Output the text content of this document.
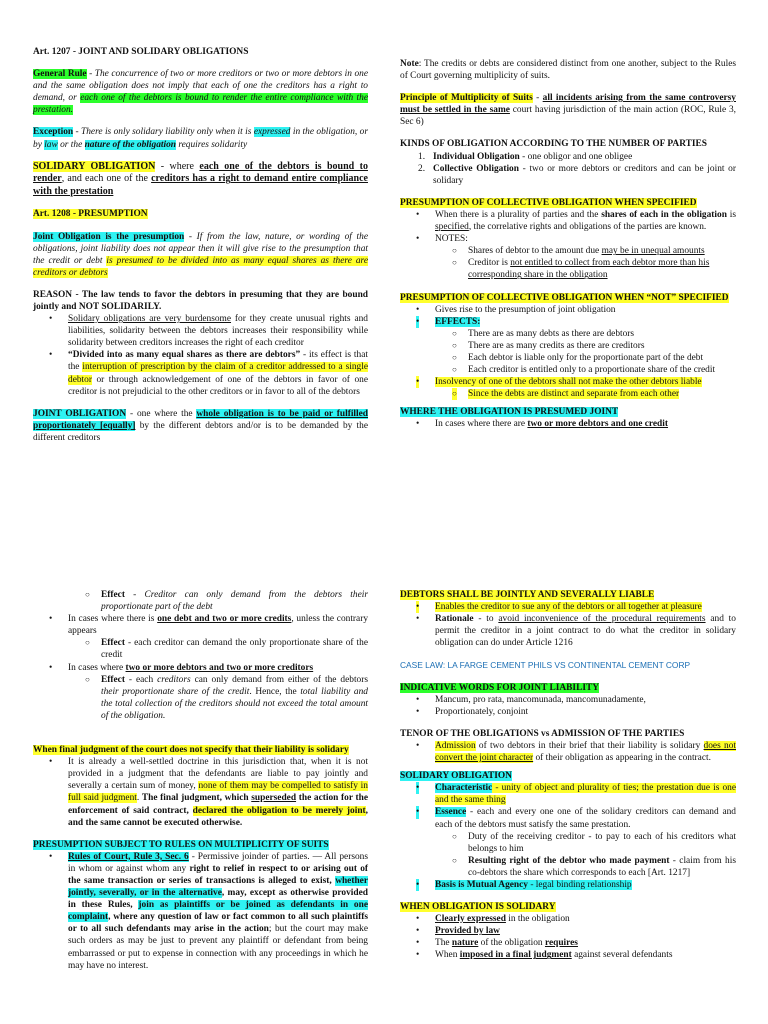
Art. 1207 - JOINT AND SOLIDARY OBLIGATIONS

General Rule - The concurrence of two or more creditors or two or more debtors in one and the same obligation does not imply that each of one the creditors has a right to demand, or each one of the debtors is bound to render the entire compliance with the prestation.

Exception - There is only solidary liability only when it is expressed in the obligation, or by law or the nature of the obligation requires solidarity

SOLIDARY OBLIGATION - where each one of the debtors is bound to render, and each one of the creditors has a right to demand entire compliance with the prestation

Art. 1208 - PRESUMPTION

Joint Obligation is the presumption - If from the law, nature, or wording of the obligations, joint liability does not appear then it will give rise to the presumption that the credit or debt is presumed to be divided into as many equal shares as there are creditors or debtors

REASON - The law tends to favor the debtors in presuming that they are bound jointly and NOT SOLIDARILY.

• Solidary obligations are very burdensome for they create unusual rights and liabilities, solidarity between the debtors increases their responsibility while solidarity between creditors increases the right of each creditor
• “Divided into as many equal shares as there are debtors” - its effect is that the interruption of prescription by the claim of a creditor addressed to a single debtor or through acknowledgement of one of the debtors in favor of one creditor is not prejudicial to the other creditors or in favor to all of the debtors

JOINT OBLIGATION - one where the whole obligation is to be paid or fulfilled proportionately [equally] by the different debtors and/or is to be demanded by the different creditors

Note: The credits or debts are considered distinct from one another, subject to the Rules of Court governing multiplicity of suits.

Principle of Multiplicity of Suits - all incidents arising from the same controversy must be settled in the same court having jurisdiction of the main action (ROC, Rule 3, Sec 6)

KINDS OF OBLIGATION ACCORDING TO THE NUMBER OF PARTIES

1. Individual Obligation - one obligor and one obligee
2. Collective Obligation - two or more debtors or creditors and can be joint or solidary

PRESUMPTION OF COLLECTIVE OBLIGATION WHEN SPECIFIED

• When there is a plurality of parties and the shares of each in the obligation is specified, the correlative rights and obligations of the parties are known.
• NOTES:
○ Shares of debtor to the amount due may be in unequal amounts
○ Creditor is not entitled to collect from each debtor more than his corresponding share in the obligation

PRESUMPTION OF COLLECTIVE OBLIGATION WHEN “NOT” SPECIFIED

• Gives rise to the presumption of joint obligation
• EFFECTS:
○ There are as many debts as there are debtors
○ There are as many credits as there are creditors
○ Each debtor is liable only for the proportionate part of the debt
○ Each creditor is entitled only to a proportionate share of the credit
• Insolvency of one of the debtors shall not make the other debtors liable
○ Since the debts are distinct and separate from each other

WHERE THE OBLIGATION IS PRESUMED JOINT

• In cases where there are two or more debtors and one credit
○ Effect - Creditor can only demand from the debtors their proportionate part of the debt
• In cases where there is one debt and two or more credits, unless the contrary appears
○ Effect - each creditor can demand the only proportionate share of the credit
• In cases where two or more debtors and two or more creditors
○ Effect - each creditors can only demand from either of the debtors their proportionate share of the credit. Hence, the total liability and the total collection of the creditors should not exceed the total amount of the obligation.

When final judgment of the court does not specify that their liability is solidary

• It is already a well-settled doctrine in this jurisdiction that, when it is not provided in a judgment that the defendants are liable to pay jointly and severally a certain sum of money, none of them may be compelled to satisfy in full said judgment. The final judgment, which superseded the action for the enforcement of said contract, declared the obligation to be merely joint, and the same cannot be executed otherwise.

PRESUMPTION SUBJECT TO RULES ON MULTIPLICITY OF SUITS

• Rules of Court, Rule 3, Sec. 6 - Permissive joinder of parties. — All persons in whom or against whom any right to relief in respect to or arising out of the same transaction or series of transactions is alleged to exist, whether jointly, severally, or in the alternative, may, except as otherwise provided in these Rules, join as plaintiffs or be joined as defendants in one complaint, where any question of law or fact common to all such plaintiffs or to all such defendants may arise in the action; but the court may make such orders as may be just to prevent any plaintiff or defendant from being embarrassed or put to expense in connection with any proceedings in which he may have no interest.

DEBTORS SHALL BE JOINTLY AND SEVERALLY LIABLE

• Enables the creditor to sue any of the debtors or all together at pleasure
• Rationale - to avoid inconvenience of the procedural requirements and to permit the creditor in a joint contract to do what the creditor in solidary obligation can do under Article 1216

CASE LAW: LA FARGE CEMENT PHILS VS CONTINENTAL CEMENT CORP

INDICATIVE WORDS FOR JOINT LIABILITY

• Mancum, pro rata, mancomunada, mancomunadamente,
• Proportionately, conjoint

TENOR OF THE OBLIGATIONS vs ADMISSION OF THE PARTIES

• Admission of two debtors in their brief that their liability is solidary does not convert the joint character of their obligation as appearing in the contract.

SOLIDARY OBLIGATION

• Characteristic - unity of object and plurality of ties; the prestation due is one and the same thing
• Essence - each and every one one of the solidary creditors can demand and each of the debtors must satisfy the same prestation.
○ Duty of the receiving creditor - to pay to each of his creditors what belongs to him
○ Resulting right of the debtor who made payment - claim from his co-debtors the share which corresponds to each [Art. 1217]
• Basis is Mutual Agency - legal binding relationship

WHEN OBLIGATION IS SOLIDARY

• Clearly expressed in the obligation
• Provided by law
• The nature of the obligation requires
• When imposed in a final judgment against several defendants
